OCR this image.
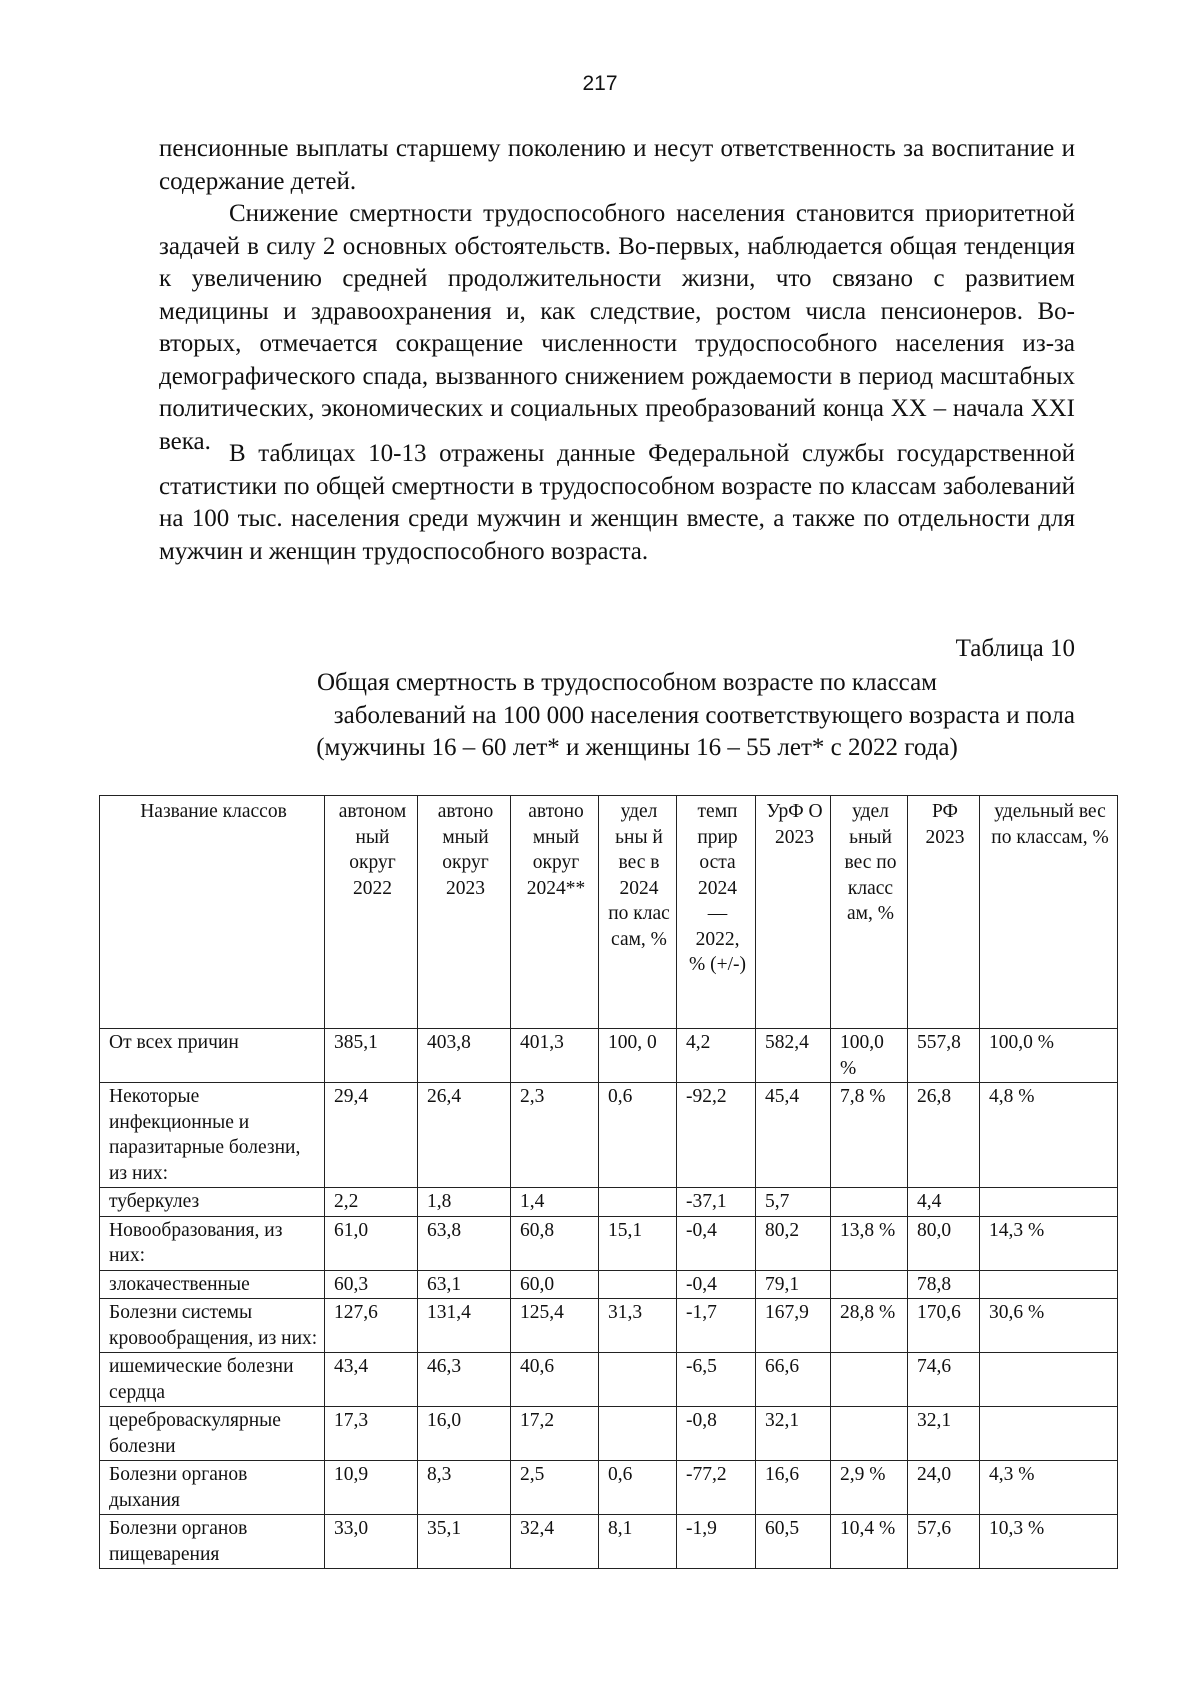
217

пенсионные выплаты старшему поколению и несут ответственность за воспитание и содержание детей.

Снижение смертности трудоспособного населения становится приоритетной задачей в силу 2 основных обстоятельств. Во-первых, наблюдается общая тенденция к увеличению средней продолжительности жизни, что связано с развитием медицины и здравоохранения и, как следствие, ростом числа пенсионеров. Во-вторых, отмечается сокращение численности трудоспособного населения из-за демографического спада, вызванного снижением рождаемости в период масштабных политических, экономических и социальных преобразований конца XX – начала XXI века. В таблицах 10-13 отражены данные Федеральной службы государственной статистики по общей смертности в трудоспособном возрасте по классам заболеваний на 100 тыс. населения среди мужчин и женщин вместе, а также по отдельности для мужчин и женщин трудоспособного возраста.

Таблица 10

Общая смертность в трудоспособном возрасте по классам
заболеваний на 100 000 населения соответствующего возраста и пола
(мужчины 16 – 60 лет* и женщины 16 – 55 лет* с 2022 года)
Название классов	автоном ный округ 2022	автоно мный округ 2023	автоно мный округ 2024**	удел ьны й вес в 2024 по клас сам, %	темп прир оста 2024 — 2022, % (+/-)	УрФ О 2023	удел ьный вес по класс ам, %	РФ 2023	удельный вес по классам, %
От всех причин	385,1	403,8	401,3	100, 0	4,2	582,4	100,0 %	557,8	100,0 %
Некоторые инфекционные и паразитарные болезни, из них:	29,4	26,4	2,3	0,6	-92,2	45,4	7,8 %	26,8	4,8 %
туберкулез	2,2	1,8	1,4		-37,1	5,7		4,4	
Новообразования, из них:	61,0	63,8	60,8	15,1	-0,4	80,2	13,8 %	80,0	14,3 %
злокачественные	60,3	63,1	60,0		-0,4	79,1		78,8	
Болезни системы кровообращения, из них:	127,6	131,4	125,4	31,3	-1,7	167,9	28,8 %	170,6	30,6 %
ишемические болезни сердца	43,4	46,3	40,6		-6,5	66,6		74,6	
цереброваскулярные болезни	17,3	16,0	17,2		-0,8	32,1		32,1	
Болезни органов дыхания	10,9	8,3	2,5	0,6	-77,2	16,6	2,9 %	24,0	4,3 %
Болезни органов пищеварения	33,0	35,1	32,4	8,1	-1,9	60,5	10,4 %	57,6	10,3 %
